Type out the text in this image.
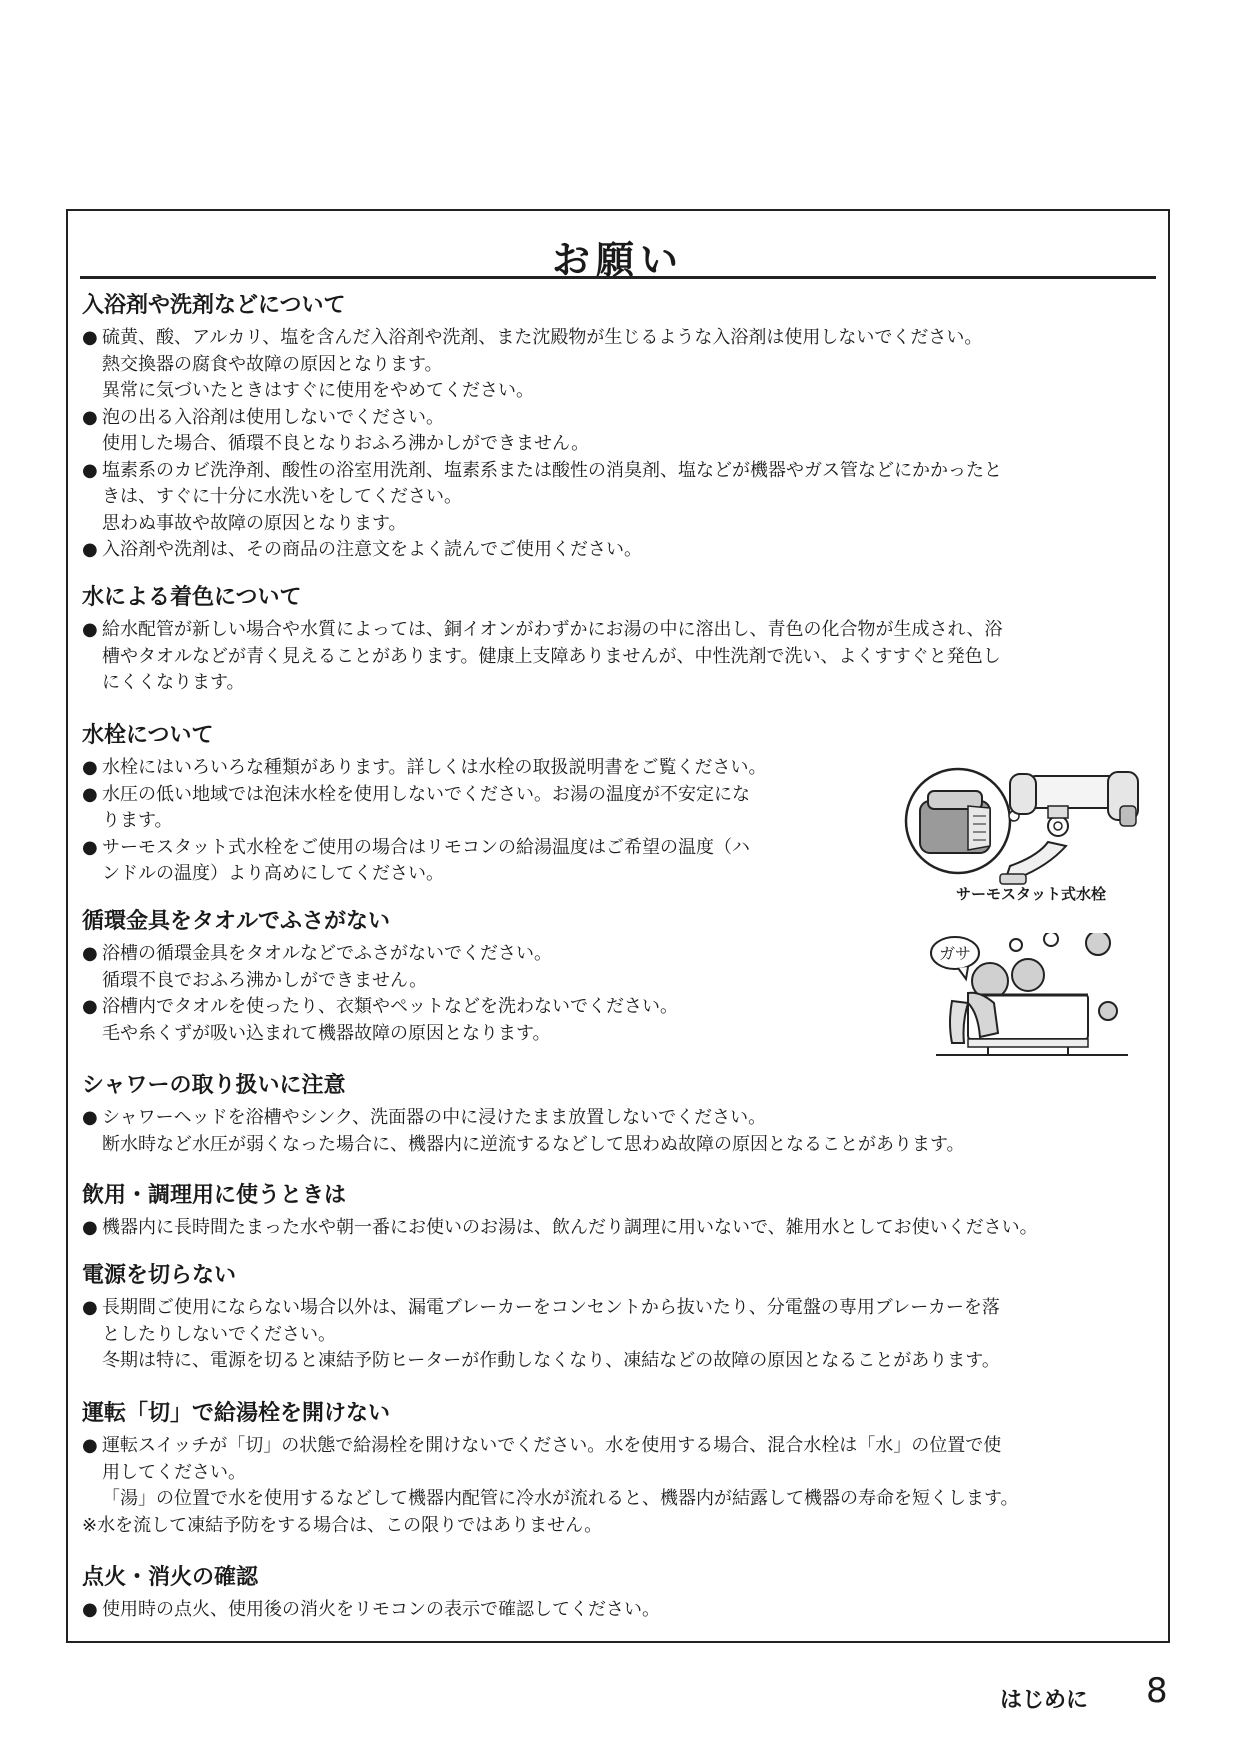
お願い
入浴剤や洗剤などについて
● 硫黄、酸、アルカリ、塩を含んだ入浴剤や洗剤、また沈殿物が生じるような入浴剤は使用しないでください。
熱交換器の腐食や故障の原因となります。
異常に気づいたときはすぐに使用をやめてください。
● 泡の出る入浴剤は使用しないでください。
使用した場合、循環不良となりおふろ沸かしができません。
● 塩素系のカビ洗浄剤、酸性の浴室用洗剤、塩素系または酸性の消臭剤、塩などが機器やガス管などにかかったと
きは、すぐに十分に水洗いをしてください。
思わぬ事故や故障の原因となります。
● 入浴剤や洗剤は、その商品の注意文をよく読んでご使用ください。
水による着色について
● 給水配管が新しい場合や水質によっては、銅イオンがわずかにお湯の中に溶出し、青色の化合物が生成され、浴
槽やタオルなどが青く見えることがあります。健康上支障ありませんが、中性洗剤で洗い、よくすすぐと発色し
にくくなります。
水栓について
● 水栓にはいろいろな種類があります。詳しくは水栓の取扱説明書をご覧ください。
● 水圧の低い地域では泡沫水栓を使用しないでください。お湯の温度が不安定にな
ります。
● サーモスタット式水栓をご使用の場合はリモコンの給湯温度はご希望の温度（ハ
ンドルの温度）より高めにしてください。
サーモスタット式水栓
循環金具をタオルでふさがない
● 浴槽の循環金具をタオルなどでふさがないでください。
循環不良でおふろ沸かしができません。
● 浴槽内でタオルを使ったり、衣類やペットなどを洗わないでください。
毛や糸くずが吸い込まれて機器故障の原因となります。
ガサ
シャワーの取り扱いに注意
● シャワーヘッドを浴槽やシンク、洗面器の中に浸けたまま放置しないでください。
断水時など水圧が弱くなった場合に、機器内に逆流するなどして思わぬ故障の原因となることがあります。
飲用・調理用に使うときは
● 機器内に長時間たまった水や朝一番にお使いのお湯は、飲んだり調理に用いないで、雑用水としてお使いください。
電源を切らない
● 長期間ご使用にならない場合以外は、漏電ブレーカーをコンセントから抜いたり、分電盤の専用ブレーカーを落
としたりしないでください。
冬期は特に、電源を切ると凍結予防ヒーターが作動しなくなり、凍結などの故障の原因となることがあります。
運転「切」で給湯栓を開けない
● 運転スイッチが「切」の状態で給湯栓を開けないでください。水を使用する場合、混合水栓は「水」の位置で使
用してください。
「湯」の位置で水を使用するなどして機器内配管に冷水が流れると、機器内が結露して機器の寿命を短くします。
※水を流して凍結予防をする場合は、この限りではありません。
点火・消火の確認
● 使用時の点火、使用後の消火をリモコンの表示で確認してください。
はじめに 8
